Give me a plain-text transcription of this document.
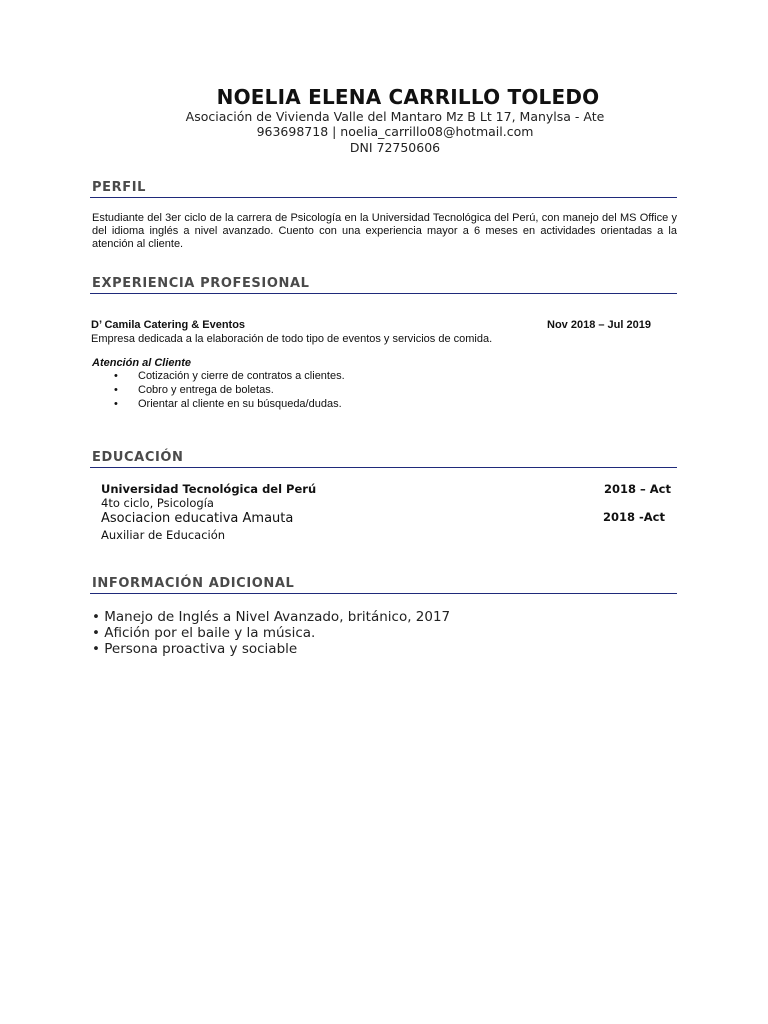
NOELIA ELENA CARRILLO TOLEDO
Asociación de Vivienda Valle del Mantaro Mz B Lt 17, Manylsa - Ate
963698718 | noelia_carrillo08@hotmail.com
DNI 72750606
PERFIL
Estudiante del 3er ciclo de la carrera de Psicología en la Universidad Tecnológica del Perú, con manejo del MS Office y del idioma inglés a nivel avanzado. Cuento con una experiencia mayor a 6 meses en actividades orientadas a la atención al cliente.
EXPERIENCIA PROFESIONAL
D’ Camila Catering & Eventos	Nov 2018 – Jul 2019
Empresa dedicada a la elaboración de todo tipo de eventos y servicios de comida.
Atención al Cliente
• Cotización y cierre de contratos a clientes.
• Cobro y entrega de boletas.
• Orientar al cliente en su búsqueda/dudas.
EDUCACIÓN
Universidad Tecnológica del Perú	2018 – Act
4to ciclo, Psicología
Asociacion educativa Amauta	2018 -Act
Auxiliar de Educación
INFORMACIÓN ADICIONAL
• Manejo de Inglés a Nivel Avanzado, británico, 2017
• Afición por el baile y la música.
• Persona proactiva y sociable
